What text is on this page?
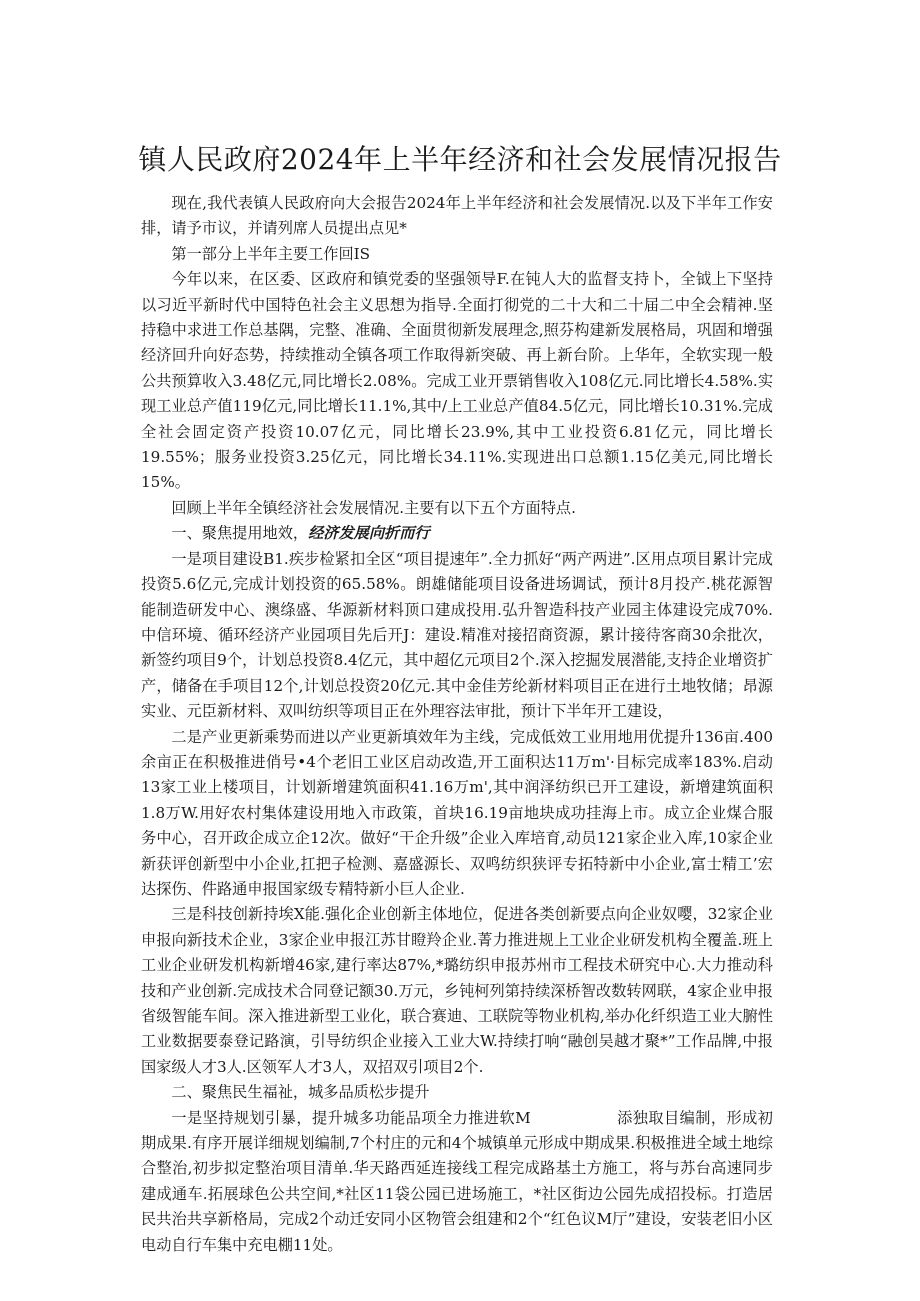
镇人民政府2024年上半年经济和社会发展情况报告

现在,我代表镇人民政府向大会报告2024年上半年经济和社会发展情况.以及下半年工作安排，请予市议，并请列席人员提出点见*

第一部分上半年主要工作回IS

今年以来，在区委、区政府和镇党委的坚强领导F.在钝人大的监督支持卜，全钺上下坚持以习近平新时代中国特色社会主义思想为指导.全面打彻党的二十大和二十届二中全会精神.坚持稳中求进工作总基隅，完整、准确、全面贯彻新发展理念,照芬构建新发展格局，巩固和增强经济回升向好态势，持续推动全镇各项工作取得新突破、再上新台阶。上华年，全软实现一般公共预算收入3.48亿元,同比增长2.08%。完成工业开票销售收入108亿元.同比增长4.58%.实现工业总产值119亿元,同比增长11.1%,其中/上工业总产值84.5亿元，同比增长10.31%.完成全社会固定资产投资10.07亿元，同比增长23.9%,其中工业投资6.81亿元，同比增长19.55%；服务业投资3.25亿元，同比增长34.11%.实现进出口总额1.15亿美元,同比增长15%。

回顾上半年全镇经济社会发展情况.主要有以下五个方面特点.

一、聚焦提用地效，经济发展向折而行

一是项目建设B1.疾步检紧扣全区“项目提速年”.全力抓好“两产两进”.区用点项目累计完成投资5.6亿元,完成计划投资的65.58%。朗雄储能项目设备进场调试，预计8月投产.桃花源智能制造研发中心、澳绦盛、华源新材料顶口建成投用.弘升智造科技产业园主体建设完成70%.中信环境、循环经济产业园项目先后开J：建设.精准对接招商资源，累计接待客商30余批次，新签约项目9个，计划总投资8.4亿元，其中超亿元项目2个.深入挖掘发展潜能,支持企业增资扩产，储备在手项目12个,计划总投资20亿元.其中金佳芳纶新材料项目正在进行土地牧储；昂源实业、元臣新材料、双叫纺织等项目正在外理容法审批，预计下半年开工建设，

二是产业更新乘势而进以产业更新填效年为主线，完成低效工业用地用优提升136亩.400余亩正在积极推进俏号•4个老旧工业区启动改造,开工面积达11万m'·目标完成率183%.启动13家工业上楼项目，计划新增建筑面积41.16万m',其中润泽纺织已开工建设，新增建筑面积1.8万W.用好农村集体建设用地入市政策，首块16.19亩地块成功挂海上市。成立企业煤合服务中心，召开政企成立企12次。做好“干企升级”企业入库培育,动员121家企业入库,10家企业新获评创新型中小企业,扛把子检测、嘉盛源长、双鸣纺织狭评专拓特新中小企业,富士精工’宏达探伤、件路通申报国家级专精特新小巨人企业.

三是科技创新持埃X能.强化企业创新主体地位，促进各类创新要点向企业奴嘤，32家企业申报向新技术企业，3家企业申报江苏甘瞪羚企业.菁力推进规上工业企业研发机构全覆盖.班上工业企业研发机构新增46家,建行率达87%,*璐纺织申报苏州市工程技术研究中心.大力推动科技和产业创新.完成技术合同登记额30.万元，乡钝柯列第持续深桥智改数转网联，4家企业申报省级智能车间。深入推进新型工业化，联合赛迪、工联院等物业机构,举办化纤织造工业大腑性工业数据要泰登记路演，引导纺织企业接入工业大W.持续打响“融创吴越才聚*”工作品牌,中报国家级人才3人.区领军人才3人，双招双引项目2个.

二、聚焦民生福祉，城多品质松步提升

一是坚持规划引暴，提升城多功能品项全力推进软M	添独取目编制，形成初期成果.有序开展详细规划编制,7个村庄的元和4个城镇单元形成中期成果.积极推进全域土地综合整治,初步拟定整治项目清单.华天路西延连接线工程完成路基土方施工，将与苏台高速同步建成通车.拓展球色公共空间,*社区11袋公园已进场施工，*社区街边公园先成招投标。打造居民共治共享新格局，完成2个动迁安同小区物管会组建和2个“红色议M厅”建设，安装老旧小区电动自行车集中充电棚11处。
